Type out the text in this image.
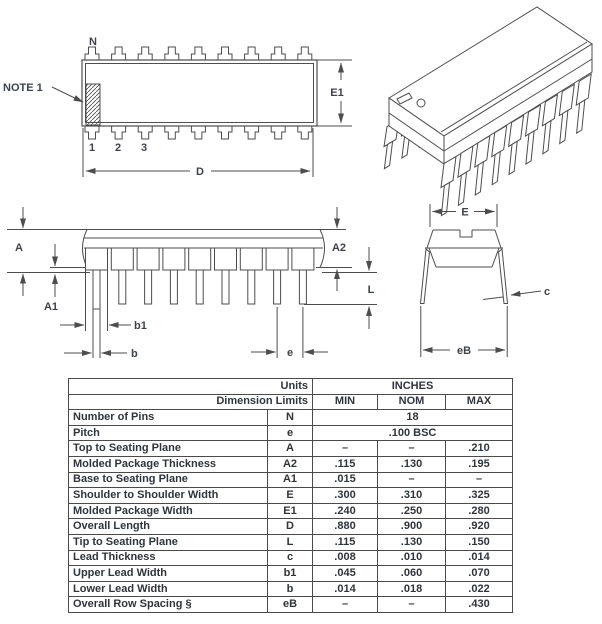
N
NOTE 1	E1
D
1 2 3
A
A1
A2
L
b1
b	e
E
c
eB
Units		INCHES		
Dimension Limits		MIN	NOM	MAX
Number of Pins	N	18		
Pitch	e	.100 BSC		
Top to Seating Plane	A	–	–	.210
Molded Package Thickness	A2	.115	.130	.195
Base to Seating Plane	A1	.015	–	–
Shoulder to Shoulder Width	E	.300	.310	.325
Molded Package Width	E1	.240	.250	.280
Overall Length	D	.880	.900	.920
Tip to Seating Plane	L	.115	.130	.150
Lead Thickness	c	.008	.010	.014
Upper Lead Width	b1	.045	.060	.070
Lower Lead Width	b	.014	.018	.022
Overall Row Spacing §	eB	–	–	.430
